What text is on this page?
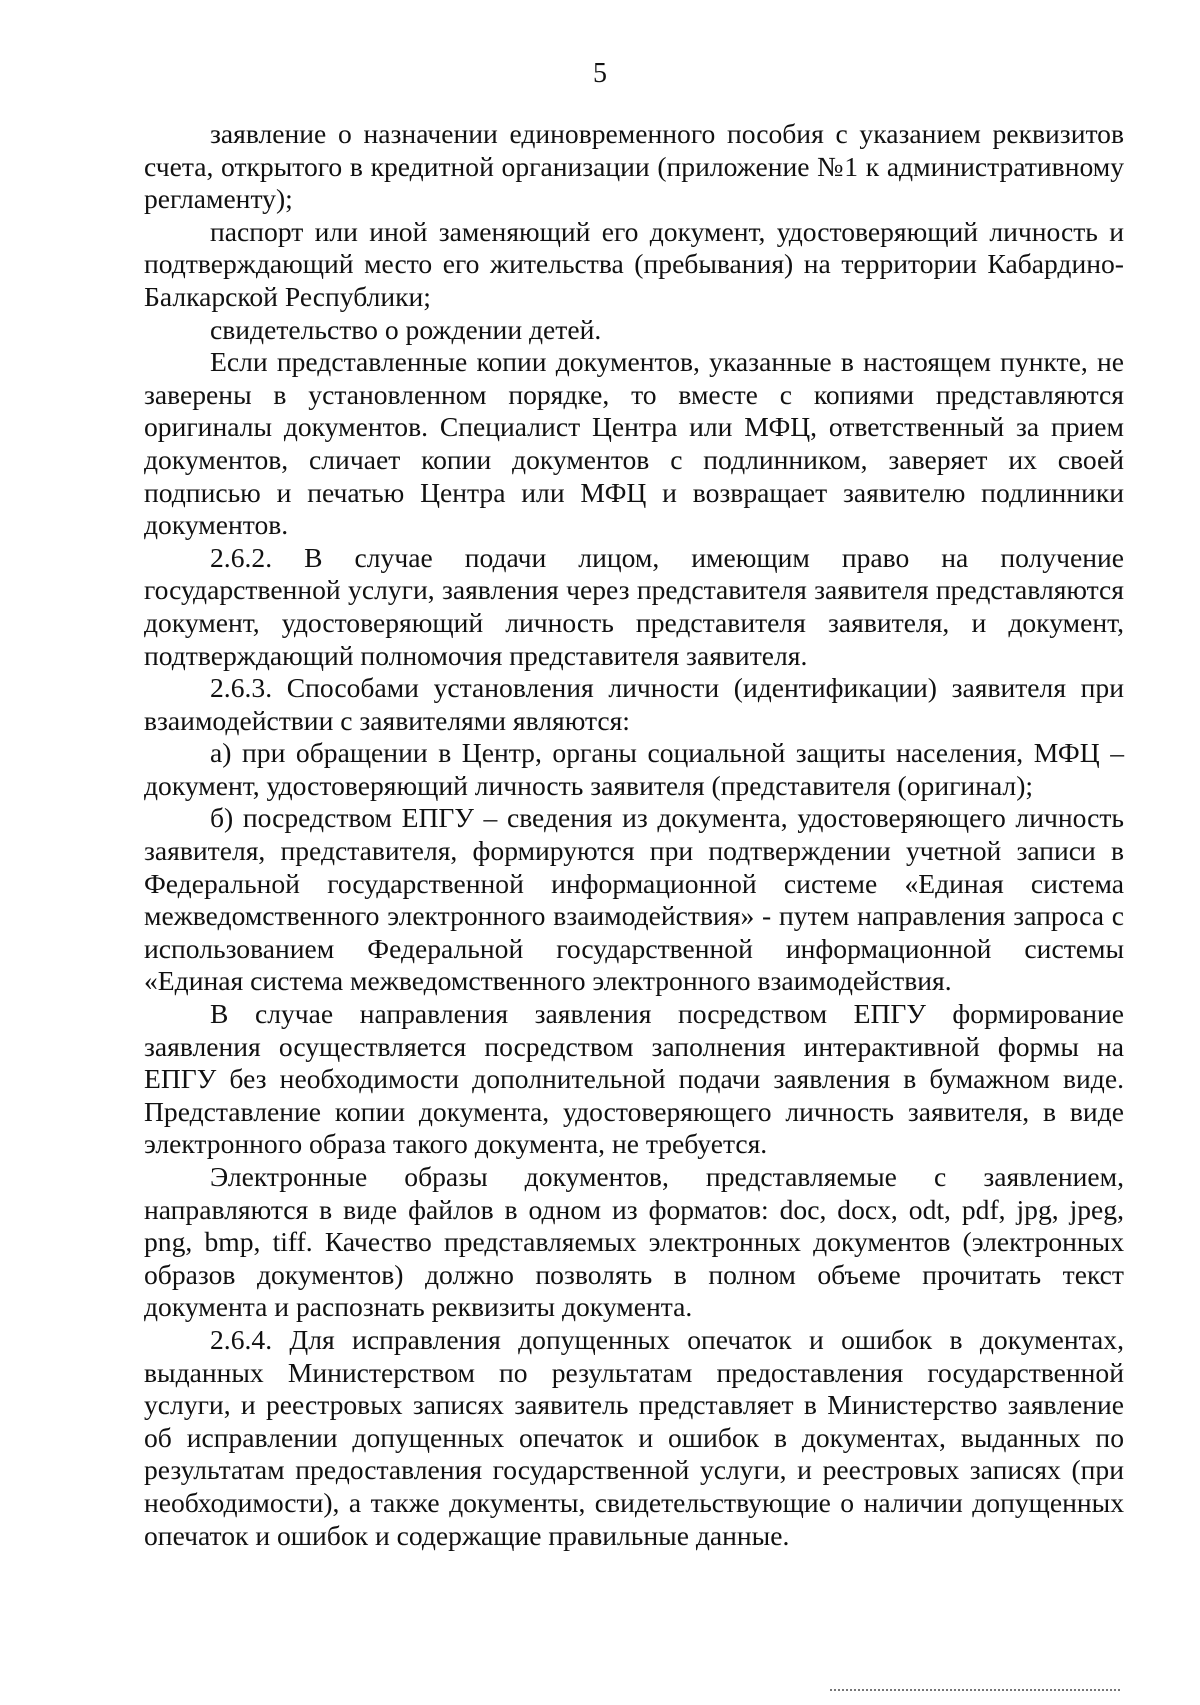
5

заявление о назначении единовременного пособия с указанием реквизитов счета, открытого в кредитной организации (приложение №1 к административному регламенту);

паспорт или иной заменяющий его документ, удостоверяющий личность и подтверждающий место его жительства (пребывания) на территории Кабардино-Балкарской Республики;

свидетельство о рождении детей.

Если представленные копии документов, указанные в настоящем пункте, не заверены в установленном порядке, то вместе с копиями представляются оригиналы документов. Специалист Центра или МФЦ, ответственный за прием документов, сличает копии документов с подлинником, заверяет их своей подписью и печатью Центра или МФЦ и возвращает заявителю подлинники документов.

2.6.2. В случае подачи лицом, имеющим право на получение государственной услуги, заявления через представителя заявителя представляются документ, удостоверяющий личность представителя заявителя, и документ, подтверждающий полномочия представителя заявителя.

2.6.3. Способами установления личности (идентификации) заявителя при взаимодействии с заявителями являются:

а) при обращении в Центр, органы социальной защиты населения, МФЦ – документ, удостоверяющий личность заявителя (представителя (оригинал);

б) посредством ЕПГУ – сведения из документа, удостоверяющего личность заявителя, представителя, формируются при подтверждении учетной записи в Федеральной государственной информационной системе «Единая система межведомственного электронного взаимодействия» - путем направления запроса с использованием Федеральной государственной информационной системы «Единая система межведомственного электронного взаимодействия.

В случае направления заявления посредством ЕПГУ формирование заявления осуществляется посредством заполнения интерактивной формы на ЕПГУ без необходимости дополнительной подачи заявления в бумажном виде. Представление копии документа, удостоверяющего личность заявителя, в виде электронного образа такого документа, не требуется.

Электронные образы документов, представляемые с заявлением, направляются в виде файлов в одном из форматов: doc, docx, odt, pdf, jpg, jpeg, png, bmp, tiff. Качество представляемых электронных документов (электронных образов документов) должно позволять в полном объеме прочитать текст документа и распознать реквизиты документа.

2.6.4. Для исправления допущенных опечаток и ошибок в документах, выданных Министерством по результатам предоставления государственной услуги, и реестровых записях заявитель представляет в Министерство заявление об исправлении допущенных опечаток и ошибок в документах, выданных по результатам предоставления государственной услуги, и реестровых записях (при необходимости), а также документы, свидетельствующие о наличии допущенных опечаток и ошибок и содержащие правильные данные.
